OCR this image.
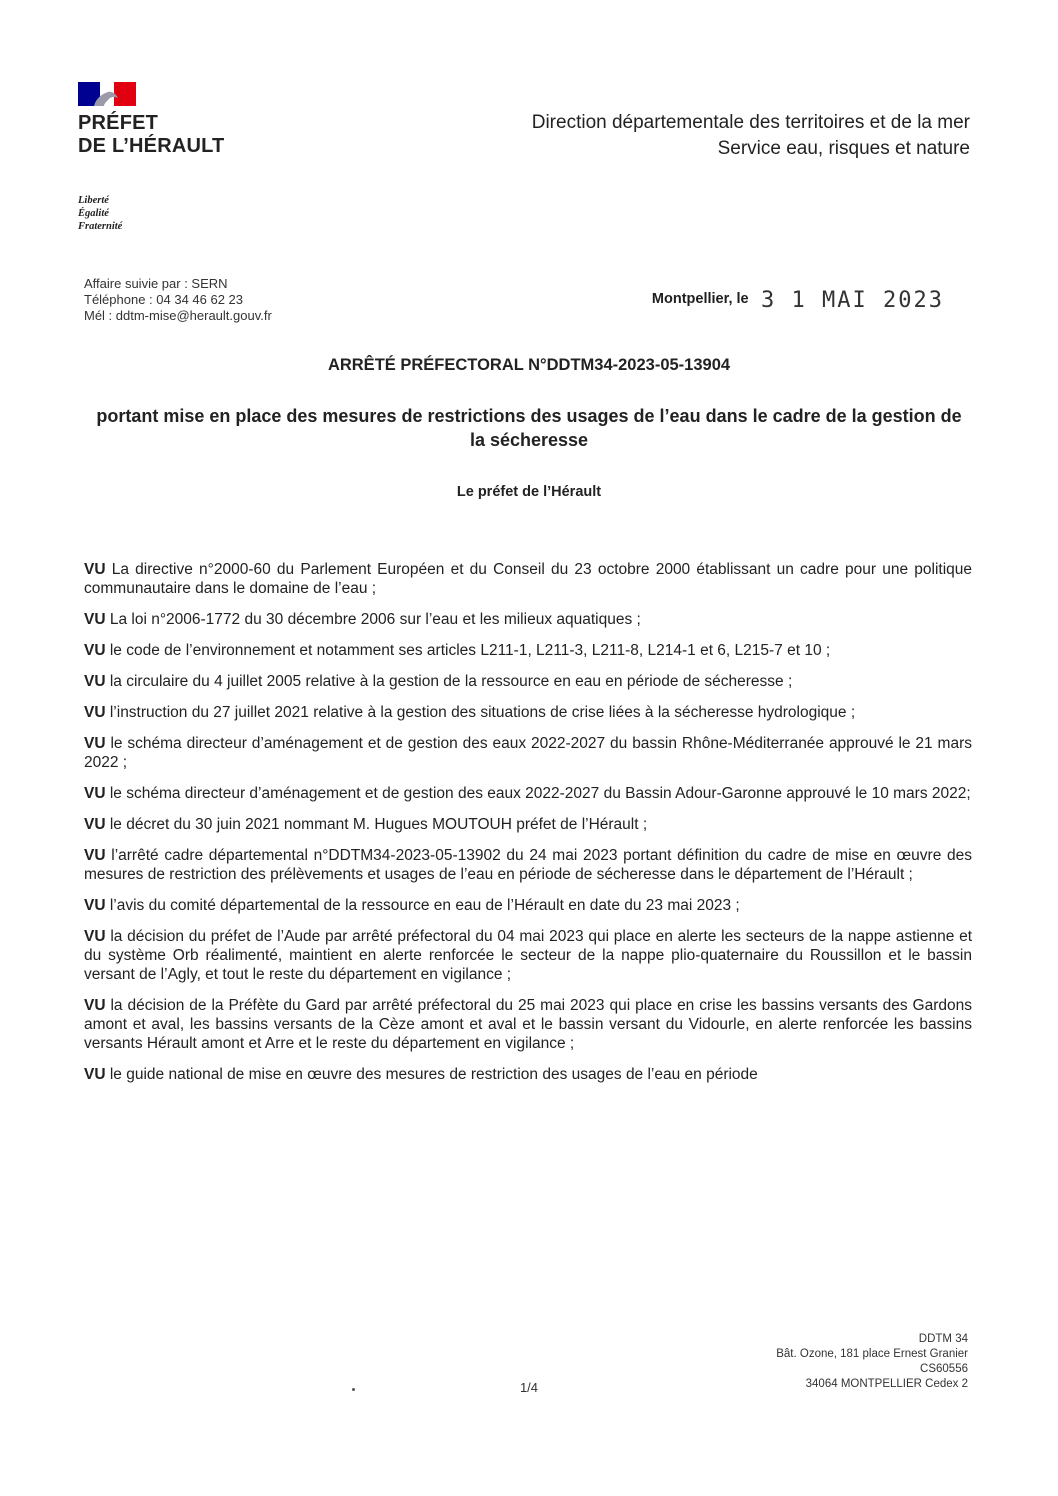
PRÉFET
DE L’HÉRAULT
Liberté
Égalité
Fraternité
Direction départementale des territoires et de la mer
Service eau, risques et nature
Affaire suivie par : SERN
Téléphone : 04 34 46 62 23
Mél : ddtm-mise@herault.gouv.fr
Montpellier, le 3 1 MAI 2023
ARRÊTÉ PRÉFECTORAL N°DDTM34-2023-05-13904
portant mise en place des mesures de restrictions des usages de l’eau dans le cadre de la gestion de la sécheresse
Le préfet de l’Hérault

VU La directive n°2000-60 du Parlement Européen et du Conseil du 23 octobre 2000 établissant un cadre pour une politique communautaire dans le domaine de l’eau ;

VU La loi n°2006-1772 du 30 décembre 2006 sur l’eau et les milieux aquatiques ;

VU le code de l’environnement et notamment ses articles L211-1, L211-3, L211-8, L214-1 et 6, L215-7 et 10 ;

VU la circulaire du 4 juillet 2005 relative à la gestion de la ressource en eau en période de sécheresse ;

VU l’instruction du 27 juillet 2021 relative à la gestion des situations de crise liées à la sécheresse hydrologique ;

VU le schéma directeur d’aménagement et de gestion des eaux 2022-2027 du bassin Rhône-Méditerranée approuvé le 21 mars 2022 ;

VU le schéma directeur d’aménagement et de gestion des eaux 2022-2027 du Bassin Adour-Garonne approuvé le 10 mars 2022;

VU le décret du 30 juin 2021 nommant M. Hugues MOUTOUH préfet de l’Hérault ;

VU l’arrêté cadre départemental n°DDTM34-2023-05-13902 du 24 mai 2023 portant définition du cadre de mise en œuvre des mesures de restriction des prélèvements et usages de l’eau en période de sécheresse dans le département de l’Hérault ;

VU l’avis du comité départemental de la ressource en eau de l’Hérault en date du 23 mai 2023 ;

VU la décision du préfet de l’Aude par arrêté préfectoral du 04 mai 2023 qui place en alerte les secteurs de la nappe astienne et du système Orb réalimenté, maintient en alerte renforcée le secteur de la nappe plio-quaternaire du Roussillon et le bassin versant de l’Agly, et tout le reste du département en vigilance ;

VU la décision de la Préfète du Gard par arrêté préfectoral du 25 mai 2023 qui place en crise les bassins versants des Gardons amont et aval, les bassins versants de la Cèze amont et aval et le bassin versant du Vidourle, en alerte renforcée les bassins versants Hérault amont et Arre et le reste du département en vigilance ;

VU le guide national de mise en œuvre des mesures de restriction des usages de l’eau en période

DDTM 34
Bât. Ozone, 181 place Ernest Granier
CS60556
34064 MONTPELLIER Cedex 2
1/4
